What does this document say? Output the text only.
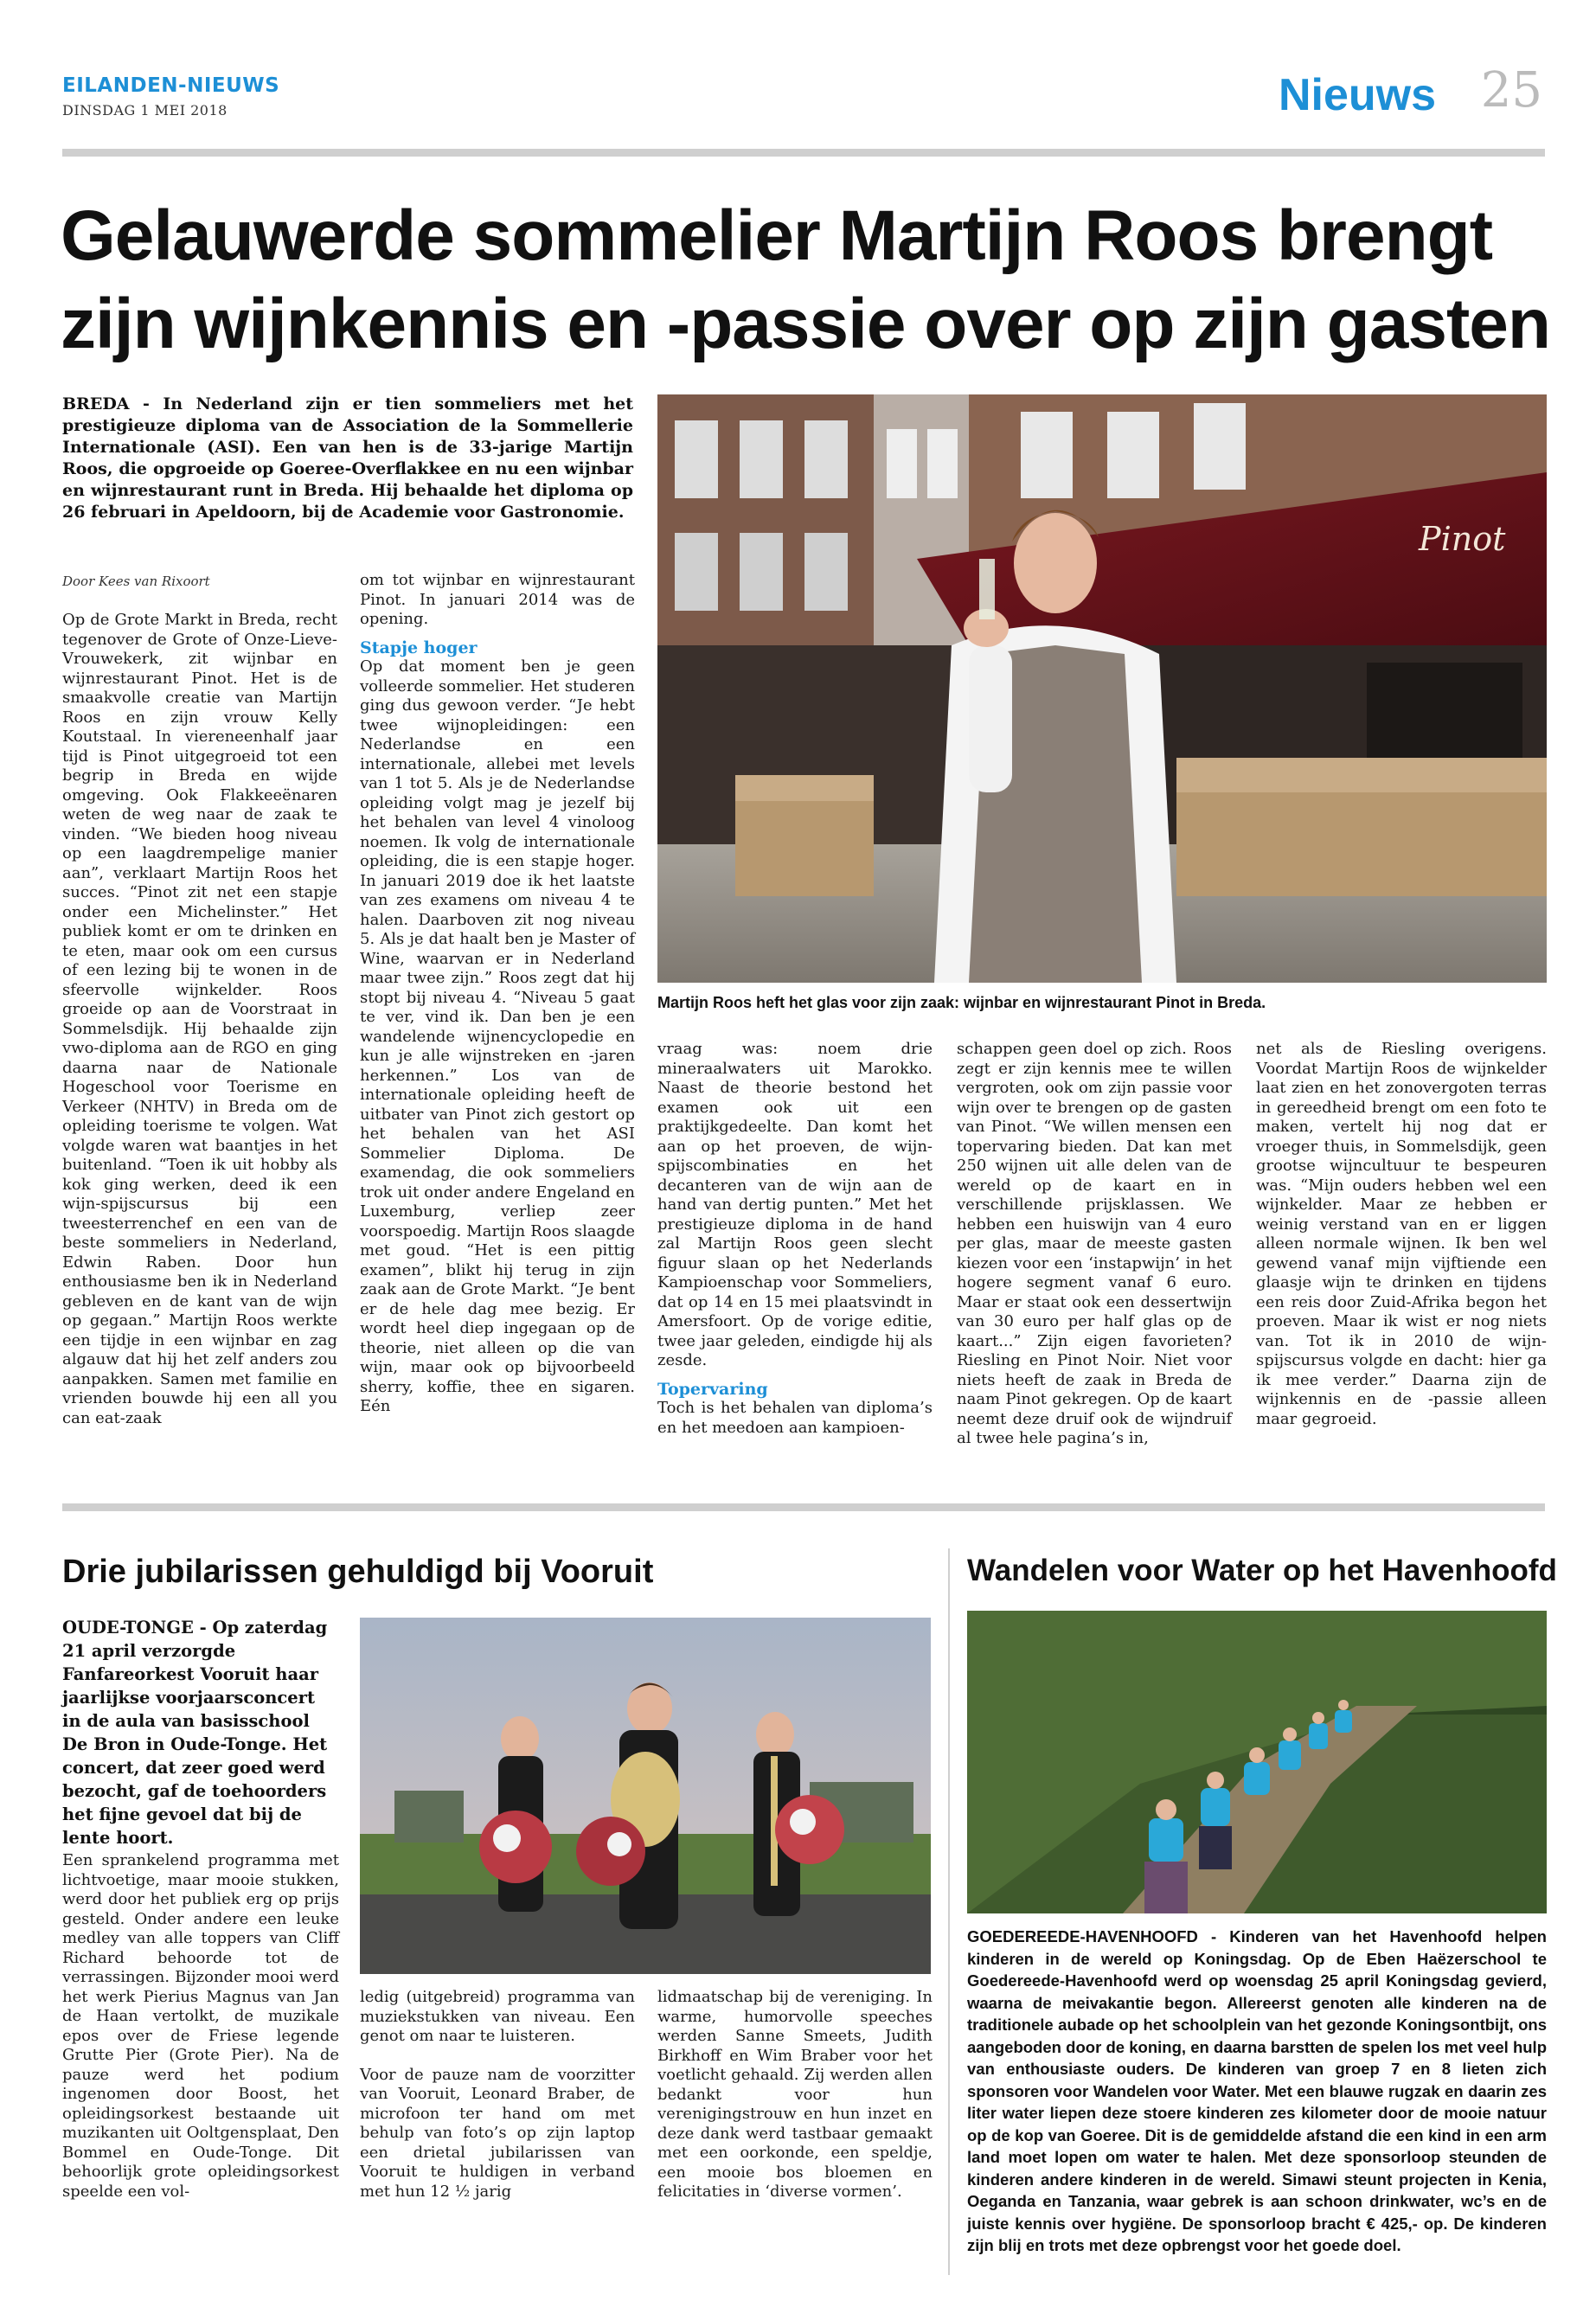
EILANDEN-NIEUWS
DINSDAG 1 MEI 2018	Nieuws 25
Gelauwerde sommelier Martijn Roos brengt
zijn wijnkennis en -passie over op zijn gasten
BREDA - In Nederland zijn er tien sommeliers met het prestigieuze diploma van de Association de la Sommellerie Internationale (ASI). Een van hen is de 33-jarige Martijn Roos, die opgroeide op Goeree-Overflakkee en nu een wijnbar en wijnrestaurant runt in Breda. Hij behaalde het diploma op 26 februari in Apeldoorn, bij de Academie voor Gastronomie.
Pinot
Martijn Roos heft het glas voor zijn zaak: wijnbar en wijnrestaurant Pinot in Breda.
Door Kees van Rixoort

Op de Grote Markt in Breda, recht tegenover de Grote of Onze-Lieve-Vrouwekerk, zit wijnbar en wijnrestaurant Pinot. Het is de smaakvolle creatie van Martijn Roos en zijn vrouw Kelly Koutstaal. In viereneenhalf jaar tijd is Pinot uitgegroeid tot een begrip in Breda en wijde omgeving. Ook Flakkeeënaren weten de weg naar de zaak te vinden. “We bieden hoog niveau op een laagdrempelige manier aan”, verklaart Martijn Roos het succes. “Pinot zit net een stapje onder een Michelinster.” Het publiek komt er om te drinken en te eten, maar ook om een cursus of een lezing bij te wonen in de sfeervolle wijnkelder. Roos groeide op aan de Voorstraat in Sommelsdijk. Hij behaalde zijn vwo-diploma aan de RGO en ging daarna naar de Nationale Hogeschool voor Toerisme en Verkeer (NHTV) in Breda om de opleiding toerisme te volgen. Wat volgde waren wat baantjes in het buitenland. “Toen ik uit hobby als kok ging werken, deed ik een wijn-spijscursus bij een tweesterrenchef en een van de beste sommeliers in Nederland, Edwin Raben. Door hun enthousiasme ben ik in Nederland gebleven en de kant van de wijn op gegaan.” Martijn Roos werkte een tijdje in een wijnbar en zag algauw dat hij het zelf anders zou aanpakken. Samen met familie en vrienden bouwde hij een all you can eat-zaak

om tot wijnbar en wijnrestaurant Pinot. In januari 2014 was de opening.

Stapje hoger

Op dat moment ben je geen volleerde sommelier. Het studeren ging dus gewoon verder. “Je hebt twee wijnopleidingen: een Nederlandse en een internationale, allebei met levels van 1 tot 5. Als je de Nederlandse opleiding volgt mag je jezelf bij het behalen van level 4 vinoloog noemen. Ik volg de internationale opleiding, die is een stapje hoger. In januari 2019 doe ik het laatste van zes examens om niveau 4 te halen. Daarboven zit nog niveau 5. Als je dat haalt ben je Master of Wine, waarvan er in Nederland maar twee zijn.” Roos zegt dat hij stopt bij niveau 4. “Niveau 5 gaat te ver, vind ik. Dan ben je een wandelende wijnencyclopedie en kun je alle wijnstreken en -jaren herkennen.” Los van de internationale opleiding heeft de uitbater van Pinot zich gestort op het behalen van het ASI Sommelier Diploma. De examendag, die ook sommeliers trok uit onder andere Engeland en Luxemburg, verliep zeer voorspoedig. Martijn Roos slaagde met goud. “Het is een pittig examen”, blikt hij terug in zijn zaak aan de Grote Markt. “Je bent er de hele dag mee bezig. Er wordt heel diep ingegaan op de theorie, niet alleen op die van wijn, maar ook op bijvoorbeeld sherry, koffie, thee en sigaren. Eén

vraag was: noem drie mineraalwaters uit Marokko. Naast de theorie bestond het examen ook uit een praktijkgedeelte. Dan komt het aan op het proeven, de wijn-spijscombinaties en het decanteren van de wijn aan de hand van dertig punten.” Met het prestigieuze diploma in de hand zal Martijn Roos geen slecht figuur slaan op het Nederlands Kampioenschap voor Sommeliers, dat op 14 en 15 mei plaatsvindt in Amersfoort. Op de vorige editie, twee jaar geleden, eindigde hij als zesde.

Topervaring

Toch is het behalen van diploma’s en het meedoen aan kampioen-

schappen geen doel op zich. Roos zegt er zijn kennis mee te willen vergroten, ook om zijn passie voor wijn over te brengen op de gasten van Pinot. “We willen mensen een topervaring bieden. Dat kan met 250 wijnen uit alle delen van de wereld op de kaart en in verschillende prijsklassen. We hebben een huiswijn van 4 euro per glas, maar de meeste gasten kiezen voor een ‘instapwijn’ in het hogere segment vanaf 6 euro. Maar er staat ook een dessertwijn van 30 euro per half glas op de kaart...” Zijn eigen favorieten? Riesling en Pinot Noir. Niet voor niets heeft de zaak in Breda de naam Pinot gekregen. Op de kaart neemt deze druif ook de wijndruif al twee hele pagina’s in,

net als de Riesling overigens. Voordat Martijn Roos de wijnkelder laat zien en het zonovergoten terras in gereedheid brengt om een foto te maken, vertelt hij nog dat er vroeger thuis, in Sommelsdijk, geen grootse wijncultuur te bespeuren was. “Mijn ouders hebben wel een wijnkelder. Maar ze hebben er weinig verstand van en er liggen alleen normale wijnen. Ik ben wel gewend vanaf mijn vijftiende een glaasje wijn te drinken en tijdens een reis door Zuid-Afrika begon het proeven. Maar ik wist er nog niets van. Tot ik in 2010 de wijn-spijscursus volgde en dacht: hier ga ik mee verder.” Daarna zijn de wijnkennis en de -passie alleen maar gegroeid.

Drie jubilarissen gehuldigd bij Vooruit
OUDE-TONGE - Op zaterdag 21 april verzorgde Fanfareorkest Vooruit haar jaarlijkse voorjaarsconcert in de aula van basisschool De Bron in Oude-Tonge. Het concert, dat zeer goed werd bezocht, gaf de toehoorders het fijne gevoel dat bij de lente hoort.

Een sprankelend programma met lichtvoetige, maar mooie stukken, werd door het publiek erg op prijs gesteld. Onder andere een leuke medley van alle toppers van Cliff Richard behoorde tot de verrassingen. Bijzonder mooi werd het werk Pierius Magnus van Jan de Haan vertolkt, de muzikale epos over de Friese legende Grutte Pier (Grote Pier). Na de pauze werd het podium ingenomen door Boost, het opleidingsorkest bestaande uit muzikanten uit Ooltgensplaat, Den Bommel en Oude-Tonge. Dit behoorlijk grote opleidingsorkest speelde een vol-

ledig (uitgebreid) programma van muziekstukken van niveau. Een genot om naar te luisteren.

Voor de pauze nam de voorzitter van Vooruit, Leonard Braber, de microfoon ter hand om met behulp van foto’s op zijn laptop een drietal jubilarissen van Vooruit te huldigen in verband met hun 12 ½ jarig

lidmaatschap bij de vereniging. In warme, humorvolle speeches werden Sanne Smeets, Judith Birkhoff en Wim Braber voor het voetlicht gehaald. Zij werden allen bedankt voor hun verenigingstrouw en hun inzet en deze dank werd tastbaar gemaakt met een oorkonde, een speldje, een mooie bos bloemen en felicitaties in ‘diverse vormen’.

Wandelen voor Water op het Havenhoofd
GOEDEREEDE-HAVENHOOFD - Kinderen van het Havenhoofd helpen kinderen in de wereld op Koningsdag. Op de Eben Haëzerschool te Goedereede-Havenhoofd werd op woensdag 25 april Koningsdag gevierd, waarna de meivakantie begon. Allereerst genoten alle kinderen na de traditionele aubade op het schoolplein van het gezonde Koningsontbijt, ons aangeboden door de koning, en daarna barstten de spelen los met veel hulp van enthousiaste ouders. De kinderen van groep 7 en 8 lieten zich sponsoren voor Wandelen voor Water. Met een blauwe rugzak en daarin zes liter water liepen deze stoere kinderen zes kilometer door de mooie natuur op de kop van Goeree. Dit is de gemiddelde afstand die een kind in een arm land moet lopen om water te halen. Met deze sponsorloop steunden de kinderen andere kinderen in de wereld. Simawi steunt projecten in Kenia, Oeganda en Tanzania, waar gebrek is aan schoon drinkwater, wc’s en de juiste kennis over hygiëne. De sponsorloop bracht € 425,- op. De kinderen zijn blij en trots met deze opbrengst voor het goede doel.
